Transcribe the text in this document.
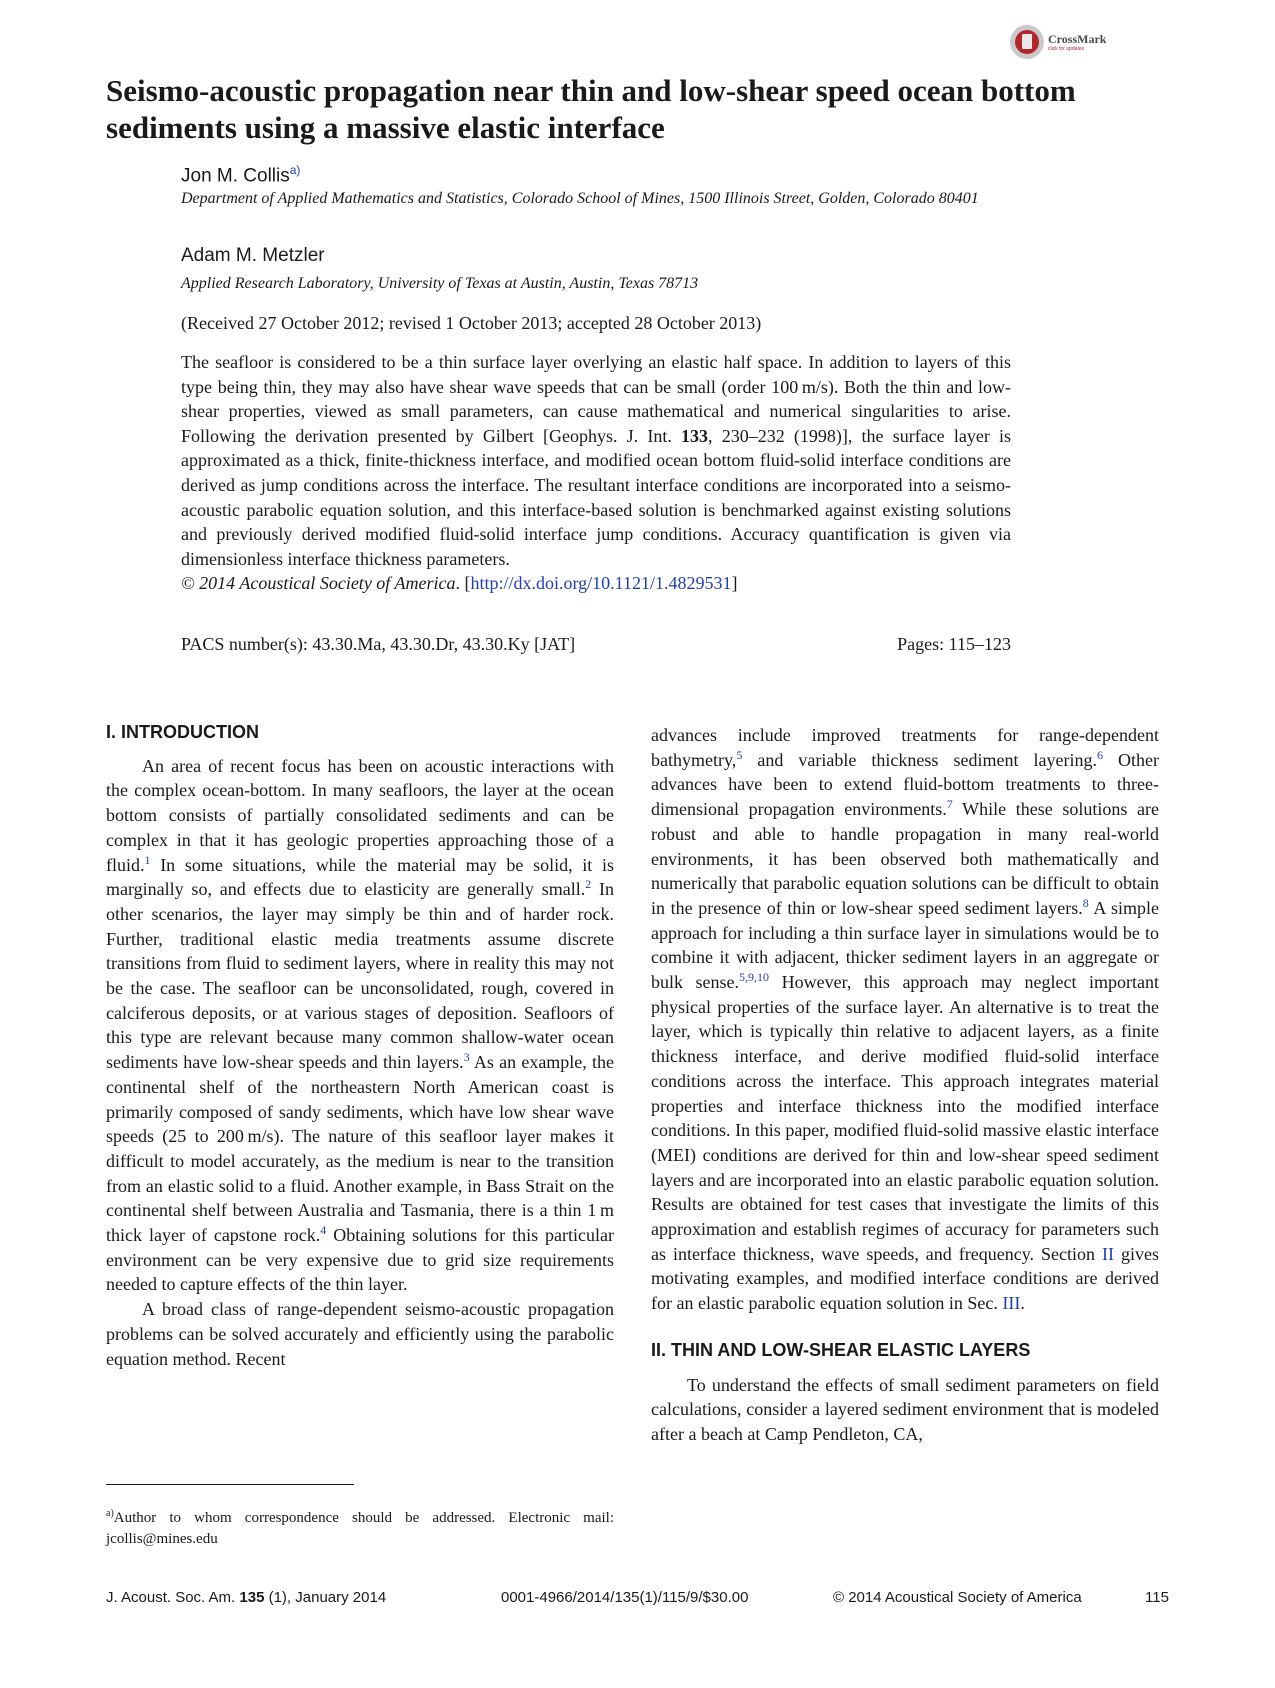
CrossMark
click for updates
Seismo-acoustic propagation near thin and low-shear speed ocean bottom sediments using a massive elastic interface
Jon M. Collis$^{a)}$
Department of Applied Mathematics and Statistics, Colorado School of Mines, 1500 Illinois Street, Golden, Colorado 80401
Adam M. Metzler
Applied Research Laboratory, University of Texas at Austin, Austin, Texas 78713
(Received 27 October 2012; revised 1 October 2013; accepted 28 October 2013)

The seafloor is considered to be a thin surface layer overlying an elastic half space. In addition to layers of this type being thin, they may also have shear wave speeds that can be small (order 100 m/s). Both the thin and low-shear properties, viewed as small parameters, can cause mathematical and numerical singularities to arise. Following the derivation presented by Gilbert [Geophys. J. Int. 133, 230–232 (1998)], the surface layer is approximated as a thick, finite-thickness interface, and modified ocean bottom fluid-solid interface conditions are derived as jump conditions across the interface. The resultant interface conditions are incorporated into a seismo-acoustic parabolic equation solution, and this interface-based solution is benchmarked against existing solutions and previously derived modified fluid-solid interface jump conditions. Accuracy quantification is given via dimensionless interface thickness parameters.
© 2014 Acoustical Society of America. [http://dx.doi.org/10.1121/1.4829531]

PACS number(s): 43.30.Ma, 43.30.Dr, 43.30.Ky [JAT]	Pages: 115–123

I. INTRODUCTION

An area of recent focus has been on acoustic interactions with the complex ocean-bottom. In many seafloors, the layer at the ocean bottom consists of partially consolidated sediments and can be complex in that it has geologic properties approaching those of a fluid.$^1$ In some situations, while the material may be solid, it is marginally so, and effects due to elasticity are generally small.$^2$ In other scenarios, the layer may simply be thin and of harder rock. Further, traditional elastic media treatments assume discrete transitions from fluid to sediment layers, where in reality this may not be the case. The seafloor can be unconsolidated, rough, covered in calciferous deposits, or at various stages of deposition. Seafloors of this type are relevant because many common shallow-water ocean sediments have low-shear speeds and thin layers.$^3$ As an example, the continental shelf of the northeastern North American coast is primarily composed of sandy sediments, which have low shear wave speeds (25 to 200 m/s). The nature of this seafloor layer makes it difficult to model accurately, as the medium is near to the transition from an elastic solid to a fluid. Another example, in Bass Strait on the continental shelf between Australia and Tasmania, there is a thin 1 m thick layer of capstone rock.$^4$ Obtaining solutions for this particular environment can be very expensive due to grid size requirements needed to capture effects of the thin layer.

A broad class of range-dependent seismo-acoustic propagation problems can be solved accurately and efficiently using the parabolic equation method. Recent

advances include improved treatments for range-dependent bathymetry,$^5$ and variable thickness sediment layering.$^6$ Other advances have been to extend fluid-bottom treatments to three-dimensional propagation environments.$^7$ While these solutions are robust and able to handle propagation in many real-world environments, it has been observed both mathematically and numerically that parabolic equation solutions can be difficult to obtain in the presence of thin or low-shear speed sediment layers.$^8$ A simple approach for including a thin surface layer in simulations would be to combine it with adjacent, thicker sediment layers in an aggregate or bulk sense.$^{5,9,10}$ However, this approach may neglect important physical properties of the surface layer. An alternative is to treat the layer, which is typically thin relative to adjacent layers, as a finite thickness interface, and derive modified fluid-solid interface conditions across the interface. This approach integrates material properties and interface thickness into the modified interface conditions. In this paper, modified fluid-solid massive elastic interface (MEI) conditions are derived for thin and low-shear speed sediment layers and are incorporated into an elastic parabolic equation solution. Results are obtained for test cases that investigate the limits of this approximation and establish regimes of accuracy for parameters such as interface thickness, wave speeds, and frequency. Section II gives motivating examples, and modified interface conditions are derived for an elastic parabolic equation solution in Sec. III.

II. THIN AND LOW-SHEAR ELASTIC LAYERS

To understand the effects of small sediment parameters on field calculations, consider a layered sediment environment that is modeled after a beach at Camp Pendleton, CA,

$^{a)}$Author to whom correspondence should be addressed. Electronic mail: jcollis@mines.edu
J. Acoust. Soc. Am. 135 (1), January 2014	0001-4966/2014/135(1)/115/9/$30.00	© 2014 Acoustical Society of America	115
